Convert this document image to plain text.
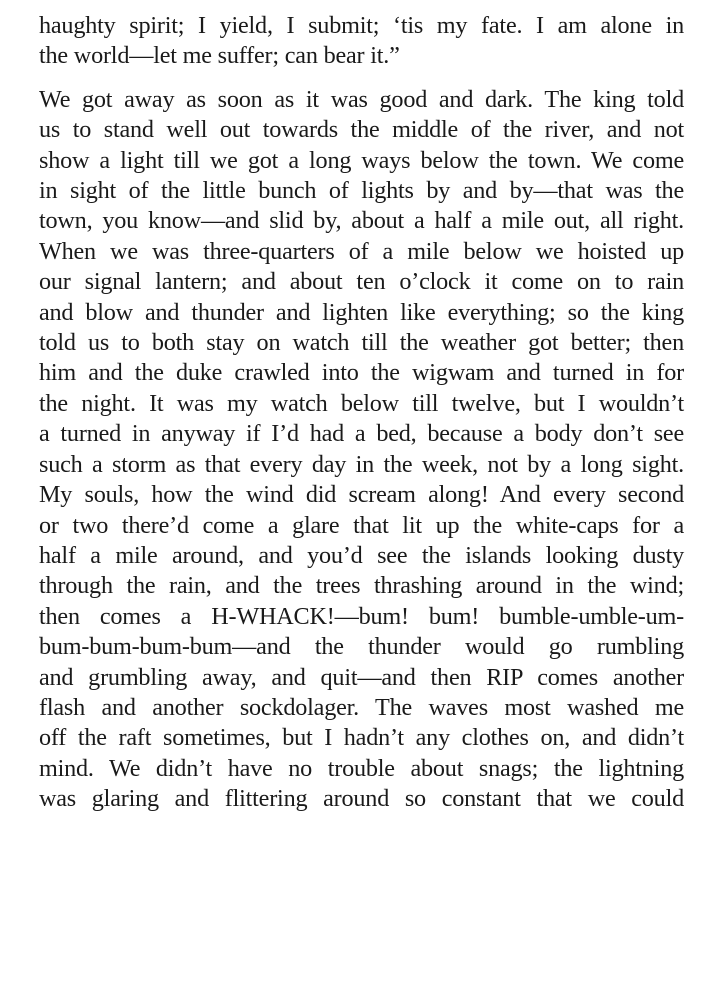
haughty spirit; I yield, I submit; ‘tis my fate. I am alone in
the world—let me suffer; can bear it.”

We got away as soon as it was good and dark. The king told
us to stand well out towards the middle of the river, and not
show a light till we got a long ways below the town. We come
in sight of the little bunch of lights by and by—that was the
town, you know—and slid by, about a half a mile out, all right.
When we was three-quarters of a mile below we hoisted up
our signal lantern; and about ten o’clock it come on to rain
and blow and thunder and lighten like everything; so the king
told us to both stay on watch till the weather got better; then
him and the duke crawled into the wigwam and turned in for
the night. It was my watch below till twelve, but I wouldn’t
a turned in anyway if I’d had a bed, because a body don’t see
such a storm as that every day in the week, not by a long sight.
My souls, how the wind did scream along! And every second
or two there’d come a glare that lit up the white-caps for a
half a mile around, and you’d see the islands looking dusty
through the rain, and the trees thrashing around in the wind;
then comes a H-WHACK!—bum! bum! bumble-umble-um-
bum-bum-bum-bum—and the thunder would go rumbling
and grumbling away, and quit—and then RIP comes another
flash and another sockdolager. The waves most washed me
off the raft sometimes, but I hadn’t any clothes on, and didn’t
mind. We didn’t have no trouble about snags; the lightning
was glaring and flittering around so constant that we could
